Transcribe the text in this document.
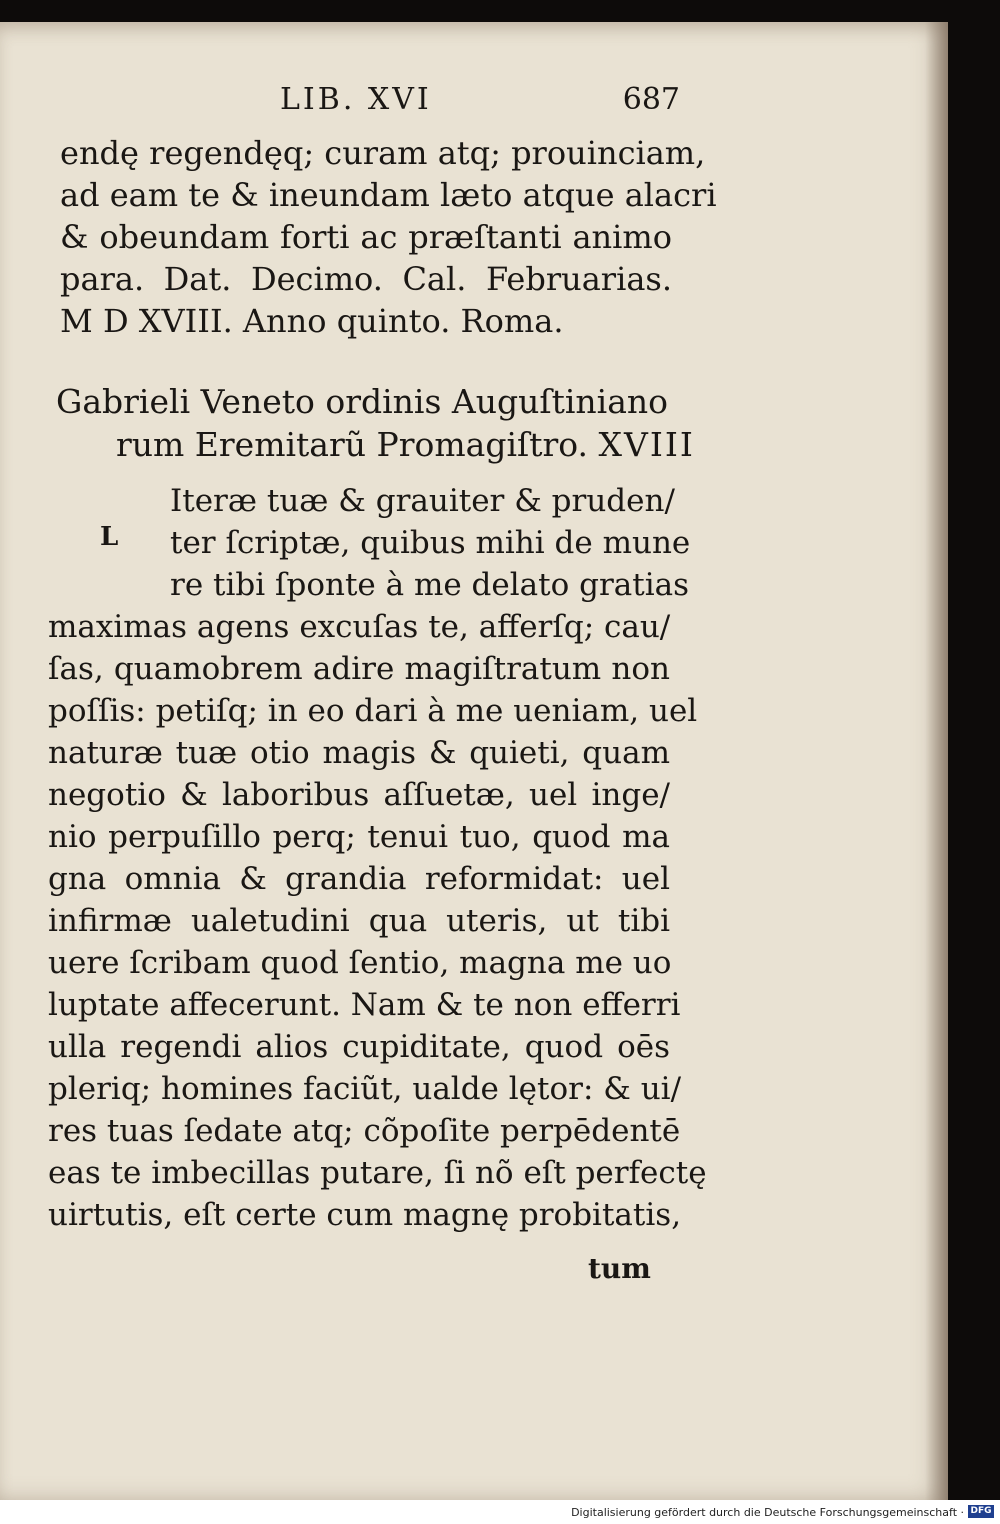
LIB. XVI	687
endę regendęq; curam atq; prouinciam,
ad eam te & ineundam læto atque alacri
& obeundam forti ac præſtanti animo
para. Dat. Decimo. Cal. Februarias.
M D XVIII. Anno quinto. Roma.
Gabrieli Veneto ordinis Auguſtiniano
rum Eremitarũ Promagiſtro. XVIII
L
Iteræ tuæ & grauiter & pruden/
ter ſcriptæ, quibus mihi de mune
re tibi ſponte à me delato gratias
maximas agens excuſas te, afferſq; cau/
ſas, quamobrem adire magiſtratum non
poſſis: petiſq; in eo dari à me ueniam, uel
naturæ tuæ otio magis & quieti, quam
negotio & laboribus aſſuetæ, uel inge/
nio perpuſillo perq; tenui tuo, quod ma
gna omnia & grandia reformidat: uel
infirmæ ualetudini qua uteris, ut tibi
uere ſcribam quod ſentio, magna me uo
luptate affecerunt. Nam & te non efferri
ulla regendi alios cupiditate, quod oēs
pleriq; homines faciũt, ualde lętor: & ui/
res tuas ſedate atq; cõpoſite perpēdentē
eas te imbecillas putare, ſi nõ eſt perfectę
uirtutis, eſt certe cum magnę probitatis,
tum
Digitalisierung gefördert durch die Deutsche Forschungsgemeinschaft · DFG
